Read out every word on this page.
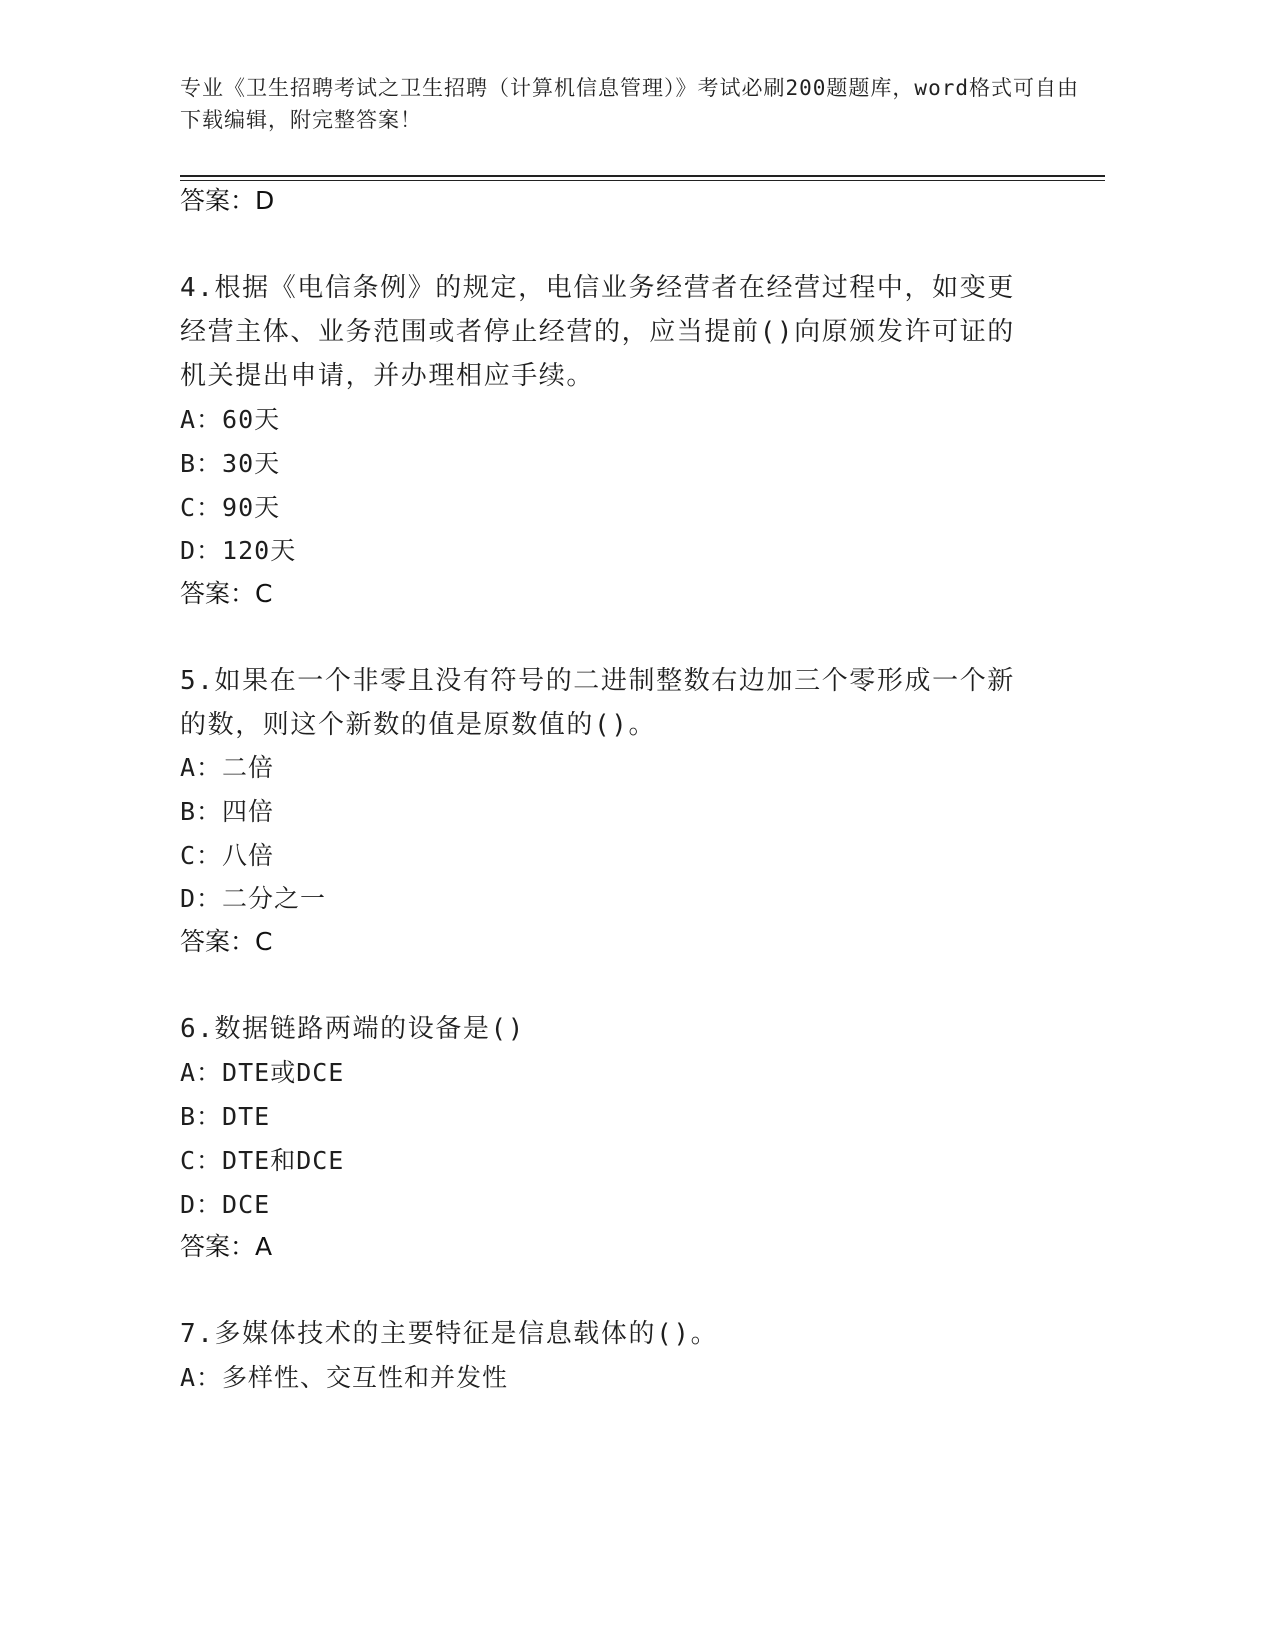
专业《卫生招聘考试之卫生招聘（计算机信息管理）》考试必刷200题题库，word格式可自由下载编辑，附完整答案！
答案：D
4.根据《电信条例》的规定，电信业务经营者在经营过程中，如变更经营主体、业务范围或者停止经营的，应当提前()向原颁发许可证的机关提出申请，并办理相应手续。
A：60天
B：30天
C：90天
D：120天
答案：C
5.如果在一个非零且没有符号的二进制整数右边加三个零形成一个新的数，则这个新数的值是原数值的()。
A：二倍
B：四倍
C：八倍
D：二分之一
答案：C
6.数据链路两端的设备是()
A：DTE或DCE
B：DTE
C：DTE和DCE
D：DCE
答案：A
7.多媒体技术的主要特征是信息载体的()。
A：多样性、交互性和并发性
